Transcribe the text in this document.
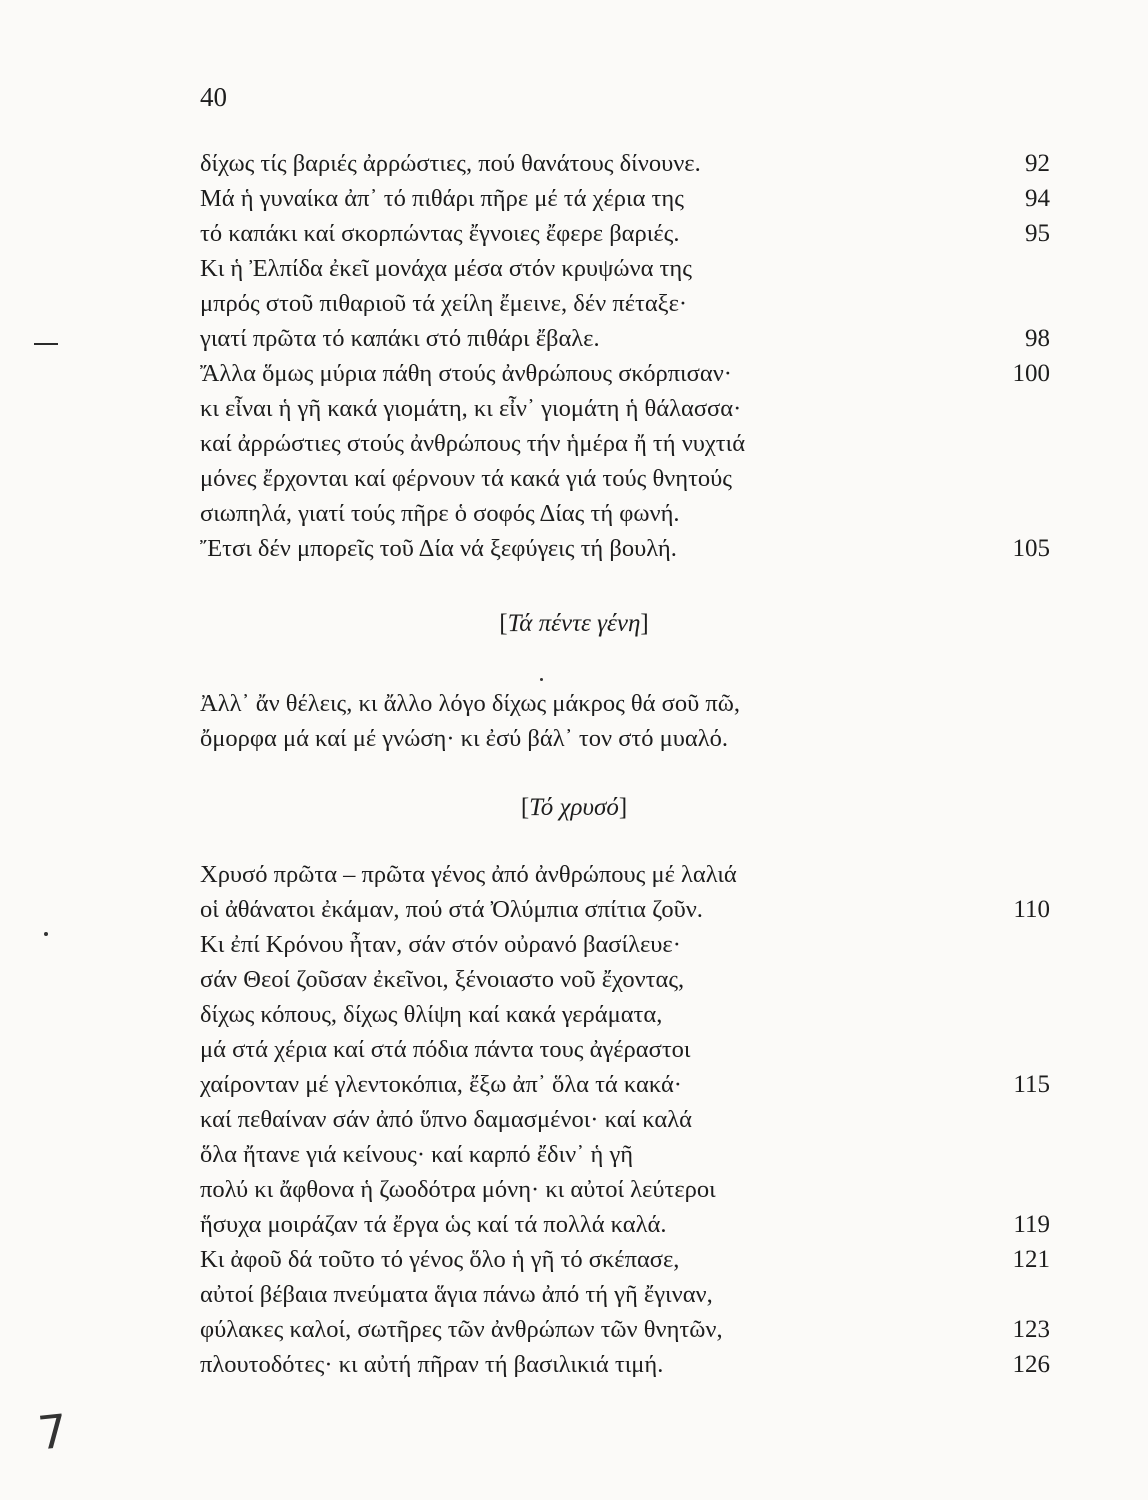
40
δίχως τίς βαριές ἀρρώστιες, πού θανάτους δίνουνε.	92
Μά ἡ γυναίκα ἀπ᾽ τό πιθάρι πῆρε μέ τά χέρια της	94
τό καπάκι καί σκορπώντας ἔγνοιες ἔφερε βαριές.	95
Κι ἡ Ἐλπίδα ἐκεῖ μονάχα μέσα στόν κρυψώνα της
μπρός στοῦ πιθαριοῦ τά χείλη ἔμεινε, δέν πέταξε·
γιατί πρῶτα τό καπάκι στό πιθάρι ἔβαλε.	98
Ἄλλα ὅμως μύρια πάθη στούς ἀνθρώπους σκόρπισαν·	100
κι εἶναι ἡ γῆ κακά γιομάτη, κι εἶν᾽ γιομάτη ἡ θάλασσα·
καί ἀρρώστιες στούς ἀνθρώπους τήν ἡμέρα ἤ τή νυχτιά
μόνες ἔρχονται καί φέρνουν τά κακά γιά τούς θνητούς
σιωπηλά, γιατί τούς πῆρε ὁ σοφός Δίας τή φωνή.
Ἔτσι δέν μπορεῖς τοῦ Δία νά ξεφύγεις τή βουλή.	105
[Τά πέντε γένη]
Ἀλλ᾽ ἄν θέλεις, κι ἄλλο λόγο δίχως μάκρος θά σοῦ πῶ,
ὄμορφα μά καί μέ γνώση· κι ἐσύ βάλ᾽ τον στό μυαλό.
[Τό χρυσό]
Χρυσό πρῶτα – πρῶτα γένος ἀπό ἀνθρώπους μέ λαλιά
οἱ ἀθάνατοι ἐκάμαν, πού στά Ὀλύμπια σπίτια ζοῦν.	110
Κι ἐπί Κρόνου ἦταν, σάν στόν οὐρανό βασίλευε·
σάν Θεοί ζοῦσαν ἐκεῖνοι, ξένοιαστο νοῦ ἔχοντας,
δίχως κόπους, δίχως θλίψη καί κακά γεράματα,
μά στά χέρια καί στά πόδια πάντα τους ἀγέραστοι
χαίρονταν μέ γλεντοκόπια, ἔξω ἀπ᾽ ὅλα τά κακά·	115
καί πεθαίναν σάν ἀπό ὕπνο δαμασμένοι· καί καλά
ὅλα ἤτανε γιά κείνους· καί καρπό ἔδιν᾽ ἡ γῆ
πολύ κι ἄφθονα ἡ ζωοδότρα μόνη· κι αὐτοί λεύτεροι
ἥσυχα μοιράζαν τά ἔργα ὡς καί τά πολλά καλά.	119
Κι ἀφοῦ δά τοῦτο τό γένος ὅλο ἡ γῆ τό σκέπασε,	121
αὐτοί βέβαια πνεύματα ἅγια πάνω ἀπό τή γῆ ἔγιναν,
φύλακες καλοί, σωτῆρες τῶν ἀνθρώπων τῶν θνητῶν,	123
πλουτοδότες· κι αὐτή πῆραν τή βασιλικιά τιμή.	126
7
